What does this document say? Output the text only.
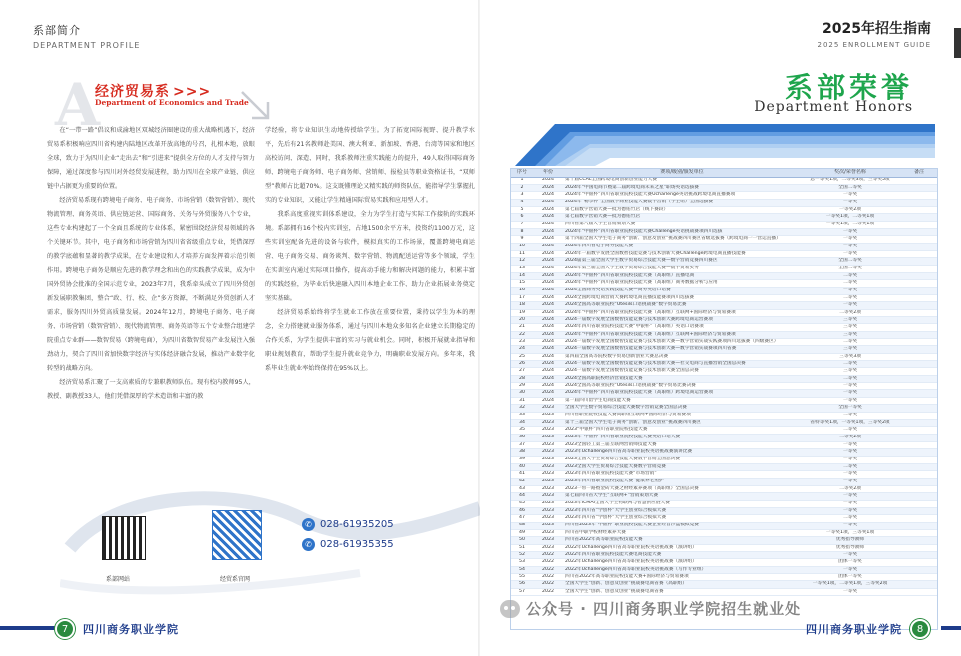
系部简介
DEPARTMENT PROFILE
A
经济贸易系 >>>
Department of Economics and Trade

在“一带一路”倡议和成渝地区双城经济圈建设的重大战略机遇下，经济贸易系积极响应四川省构建内陆地区改革开放高地的号召，扎根本地，放眼全球，致力于为四川企业“走出去”和“引进来”提供全方位的人才支持与智力保障，通过深度参与四川对外经贸发展进程，助力四川在全球产业链、供应链中占据更为重要的位置。

经济贸易系现有跨境电子商务、电子商务、市场营销（数智营销）、现代物流管理、商务英语、供应链运营、国际商务、关务与外贸服务八个专业，这些专业构建起了一个全面且系统的专业体系，紧密围绕经济贸易领域的各个关键环节。其中，电子商务和市场营销为四川省省级重点专业，凭借深厚的教学底蕴和显著的教学成果，在专业建设和人才培养方面发挥着示范引领作用。跨境电子商务是顺应先进的教学理念和出色的实践教学成果，成为中国外贸协会批准的全国示范专业，2023年7月，我系牵头成立了四川外贸创新发展职教集团，整合“政、行、校、企”多方资源，不断满足外贸创新人才需求，服务四川外贸高质量发展。2024年12月，跨境电子商务、电子商务、市场营销（数智营销）、现代物流管理、商务英语等五个专业整合组建学院重点专业群——数智贸易（跨境电商），为四川省数智贸易产业发展注入强劲动力，契合了四川省加快数字经济与实体经济融合发展，推动产业数字化转型的战略方向。

经济贸易系汇聚了一支高素质的专兼职教师队伍。现有校内教师95人，教授、副教授33人，他们凭借深厚的学术造诣和丰富的教

学经验，将专业知识生动地传授给学生。为了拓宽国际视野、提升教学水平，先后有21名教师赴美国、澳大利亚、新加坡、香港、台湾等国家和地区高校访问、深造、同时，我系教师注重实践能力的提升，49人取得国际商务师、跨境电子商务师、电子商务师、营销师、报检员等职业资格证书，“双师型”教师占比超70%。这支既懂理论又精实践的师资队伍，能指导学生掌握扎实的专业知识，又能让学生精通国际贸易实践和应用型人才。

我系高度重视实训体系建设，全力为学生打造与实际工作接轨的实践环境。系部拥有16个校内实训室，占地1500余平方米，投资约1100万元，这些实训室配备先进的设备与软件，模拟真实的工作场景，覆盖跨境电商运营、电子商务交易、商务谈判、数字营销、物流配送运营等多个领域，学生在实训室内通过实际项目操作，提高动手能力和解决问题的能力，积累丰富的实践经验，为毕业后快速融入四川本地企业工作、助力企业拓展业务奠定坚实基础。

经济贸易系始终将学生就业工作放在重要位置，秉持以学生为本的理念，全力搭建就业服务体系，通过与四川本地众多知名企业建立长期稳定的合作关系，为学生提供丰富的实习与就业机会。同时，积极开展就业指导和职业规划教育，帮助学生提升就业竞争力，明确职业发展方向。多年来，我系毕业生就业率始终保持在95%以上。

系部网站	经贸系官网
✆ 028-61935205
✆ 028-61935355
7	四川商务职业学院
2025年招生指南
2025 ENROLLMENT GUIDE
系部荣誉
Department Honors
序号	年份	赛项/级别/颁发单位	奖次/荣誉名称	备注
1	2024	第十届CCAL全国跨境电商创新创业能力大赛	总一等奖1项，二等奖3项，三等奖5项	
2	2024	2024年“中国电商节暨第二届跨境电商未来之星”职场英语选拔赛	全国二等奖	
3	2024	2024年“中银杯”四川省职业院校技能大赛Ucharlenge英语挑战跨境电商直播赛项	一等奖	
4	2024	2024年“畅享杯”全国数字商业技能大赛数字营销（学生组）全国选拔赛	一等奖	
5	2024	第七届数字营销大赛—抵为德佑竹店（线下赛段）	一等奖2项	
6	2024	第七届数字营销大赛—抵为德佑竹店	一等奖1项，二等奖1项	
7	2024	四川省第八届大学生营销策划大赛	一等奖1项，二等奖1项	
8	2024	2024年“中银杯”四川省职业院校技能大赛Challenge英语挑战赛项四川选拔	一等奖	
9	2024	第十四届全国大学生电子商务“创新、创意及创业”挑战赛四川赛区省级选拔赛（跨境电商一一营运直播）	一等奖	
10	2024	2024年四川省电子商务技能大赛	一等奖	
11	2024	2024年一届数字发展全国数智技能竞赛与技术创新大赛Challenge跨境电商直播技能赛	一等奖	
12	2024	2024届第三届全国大学生数字贸易综合技能大赛—数字营销竞赛四川赛区	全国二等奖	
13	2024	2024年第三届全国大学生数字贸易综合技能大赛—数字贸易实务	全国二等奖	
14	2024	2024年“中银杯”四川省职业院校技能大赛（高职组）直播电商	二等奖	
15	2024	2024年“中银杯”四川省职业院校技能大赛（高职组）商务数据分析与应用	二等奖	
16	2024	2024全国商务英语实践技能大赛—商务英语口语赛	一等奖	
17	2024	2024全国跨境电商营销大赛跨境电商直播技能赛项四川选拔赛	二等奖	
18	2024	2024全国高等职业院校“Utesils口语挑战赛”数字贸易比赛	一等奖	
19	2024	2024年“中银杯”四川省职业院校技能大赛（高职组）互联网+国际经济与贸易赛项	二等奖2项	
20	2024	2024一届数字发展全国数智技能竞赛与技术创新大赛跨境电商运营赛项	三等奖	
21	2024	2024年四川省职业院校技能大赛“中银杯”（高职组）英语口语赛项	三等奖	
22	2024	2024年“中银杯”四川省职业院校技能大赛（高职组）互联网+国际经济与贸易赛项	三等奖	
23	2024	2024一届数字发展全国数智技能竞赛与技术创新大赛—数字营销实战实践赛项四川选拔赛（四级赛区）	二等奖	
24	2024	2024一届数字发展全国数智技能竞赛与技术创新大赛—数字营销实战赛项四川省赛	三等奖	
25	2024	第四届全国高等院校数字贸易创新创业大赛总决赛	三等奖3项	
26	2024	2024一届数字发展全国数智技能竞赛与技术创新大赛—社交电商与直播营销全国总决赛	二等奖	
27	2024	2024一届数字发展全国数智技能竞赛与技术创新大赛全国总决赛	三等奖	
28	2024	2024全国高职院校经济营销技能大赛	二等奖	
29	2024	2024全国高等职业院校“Utesils口语挑战赛”数字贸易比赛决赛	一等奖	
30	2024	2024年“中银杯”四川省职业院校技能大赛（高职组）跨境电商运营赛项	一等奖	
31	2024	第一届四川留学生电商技能大赛	一等奖	
32	2023	全国大学生数字贸易综合技能大赛数字营销竞赛全国总决赛	全国一等奖	
33	2023	四川省职业院校技能大赛高职组互联网+国际经济与贸易赛项	二等奖	
34	2023	第十三届全国大学生电子商务“创新、创意及创业”挑战赛四川赛区	省特等奖1项，一等奖1项，三等奖2项	
35	2023	2023“中银杯”四川省职业院校技能大赛	二等奖	
36	2023	2023年“中银杯”四川省职业院校技能大赛英语口语大赛	二等奖2项	
37	2023	2023全国轻工第三届互联网营销师技能大赛	一等奖	
38	2023	2023年Uchallenge四川省高等职业院校英语挑战赛演讲比赛	一等奖	
39	2023	2023全国大学生贸易综合技能大赛数字营销全国总决赛	一等奖	
40	2023	2023全国大学生贸易综合技能大赛数字营销竞赛	二等奖	
41	2023	2023年四川省职业院校技能大赛“市场营销”	一等奖	
42	2023	2023年四川省职业院校技能大赛“健康养老照护”	一等奖	
43	2023	2023一带一路暨金砖大赛之财经素养赛项（高职组）全国总决赛	二等奖2项	
44	2023	第七届四川省大学生“互联网+”营销策划大赛	一等奖	
45	2023	2023年ICMAI全国大学生物联网与智慧供应链大赛	一等奖	
46	2023	2023年四川省“学创杯”大学生创业综合模拟大赛	一等奖	
47	2023	2023年四川省“学创杯”大学生创业综合模拟大赛	二等奖	
48	2023	四川省2023年“中银杯”职业院校技能大赛企业经营沙盘模拟竞赛	一等奖	
49	2023	四川省中职学校财经素养大赛	一等奖1项，三等奖1项	
50	2023	四川省2022年高等职业院校技能大赛	优秀指导教师	
51	2023	2022年Uchallenge四川省高等职业院校英语挑战赛（演讲组）	优秀指导教师	
52	2022	2022年四川省职业院校技能大赛电商技能大赛	一等奖	
53	2022	2022年Uchallenge四川省高等职业院校英语挑战赛（演讲组）	团体一等奖	
54	2022	2022年Uchallenge四川省高等职业院校英语挑战赛（写作专业组）	一等奖	
55	2022	四川省2022年高等职业院校技能大赛+国际经济与贸易赛项	团体一等奖	
56	2022	全国大学生“创新、创意及创业”挑战赛电商省赛（高职组）	一等奖1项，二等奖1项，三等奖2项	
57	2022	全国大学生“创新、创意及创业”挑战赛电商省赛	一等奖	
公众号 · 四川商务职业学院招生就业处
四川商务职业学院	8
